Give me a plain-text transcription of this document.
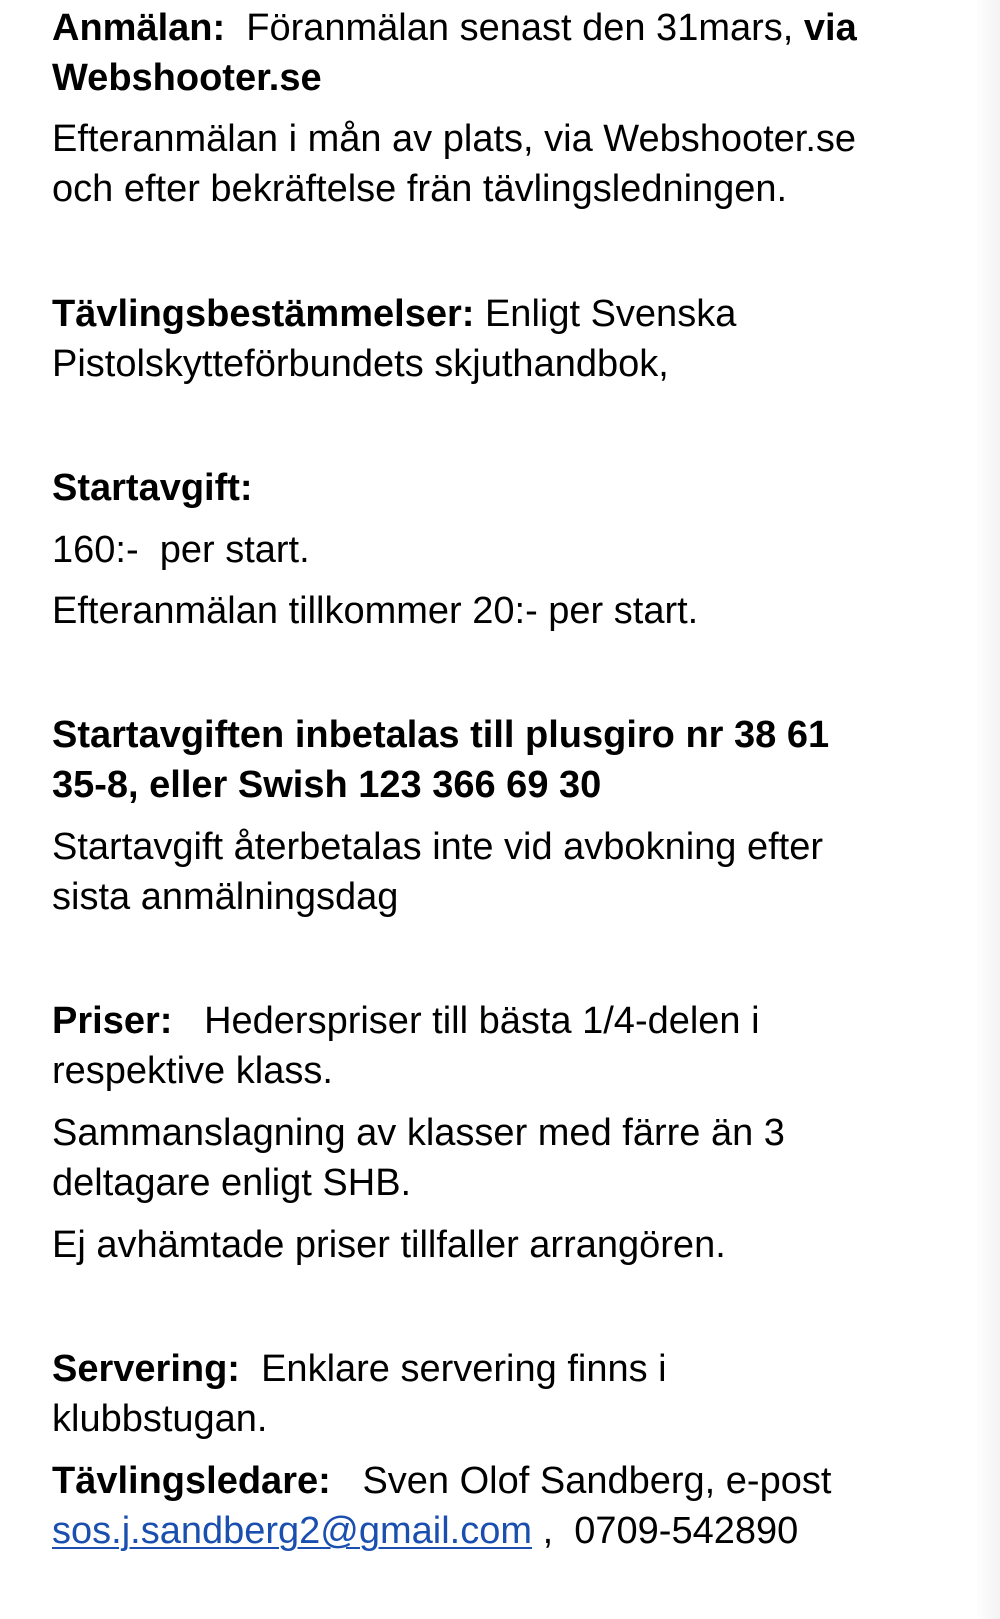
Anmälan:  Föranmälan senast den 31mars, via
Webshooter.se
Efteranmälan i mån av plats, via Webshooter.se
och efter bekräftelse frän tävlingsledningen.
Tävlingsbestämmelser: Enligt Svenska
Pistolskytteförbundets skjuthandbok,
Startavgift:
160:-  per start.
Efteranmälan tillkommer 20:- per start.
Startavgiften inbetalas till plusgiro nr 38 61
35-8, eller Swish 123 366 69 30
Startavgift återbetalas inte vid avbokning efter
sista anmälningsdag
Priser:   Hederspriser till bästa 1/4-delen i
respektive klass.
Sammanslagning av klasser med färre än 3
deltagare enligt SHB.
Ej avhämtade priser tillfaller arrangören.
Servering:  Enklare servering finns i
klubbstugan.
Tävlingsledare:   Sven Olof Sandberg, e-post
sos.j.sandberg2@gmail.com ,  0709-542890
